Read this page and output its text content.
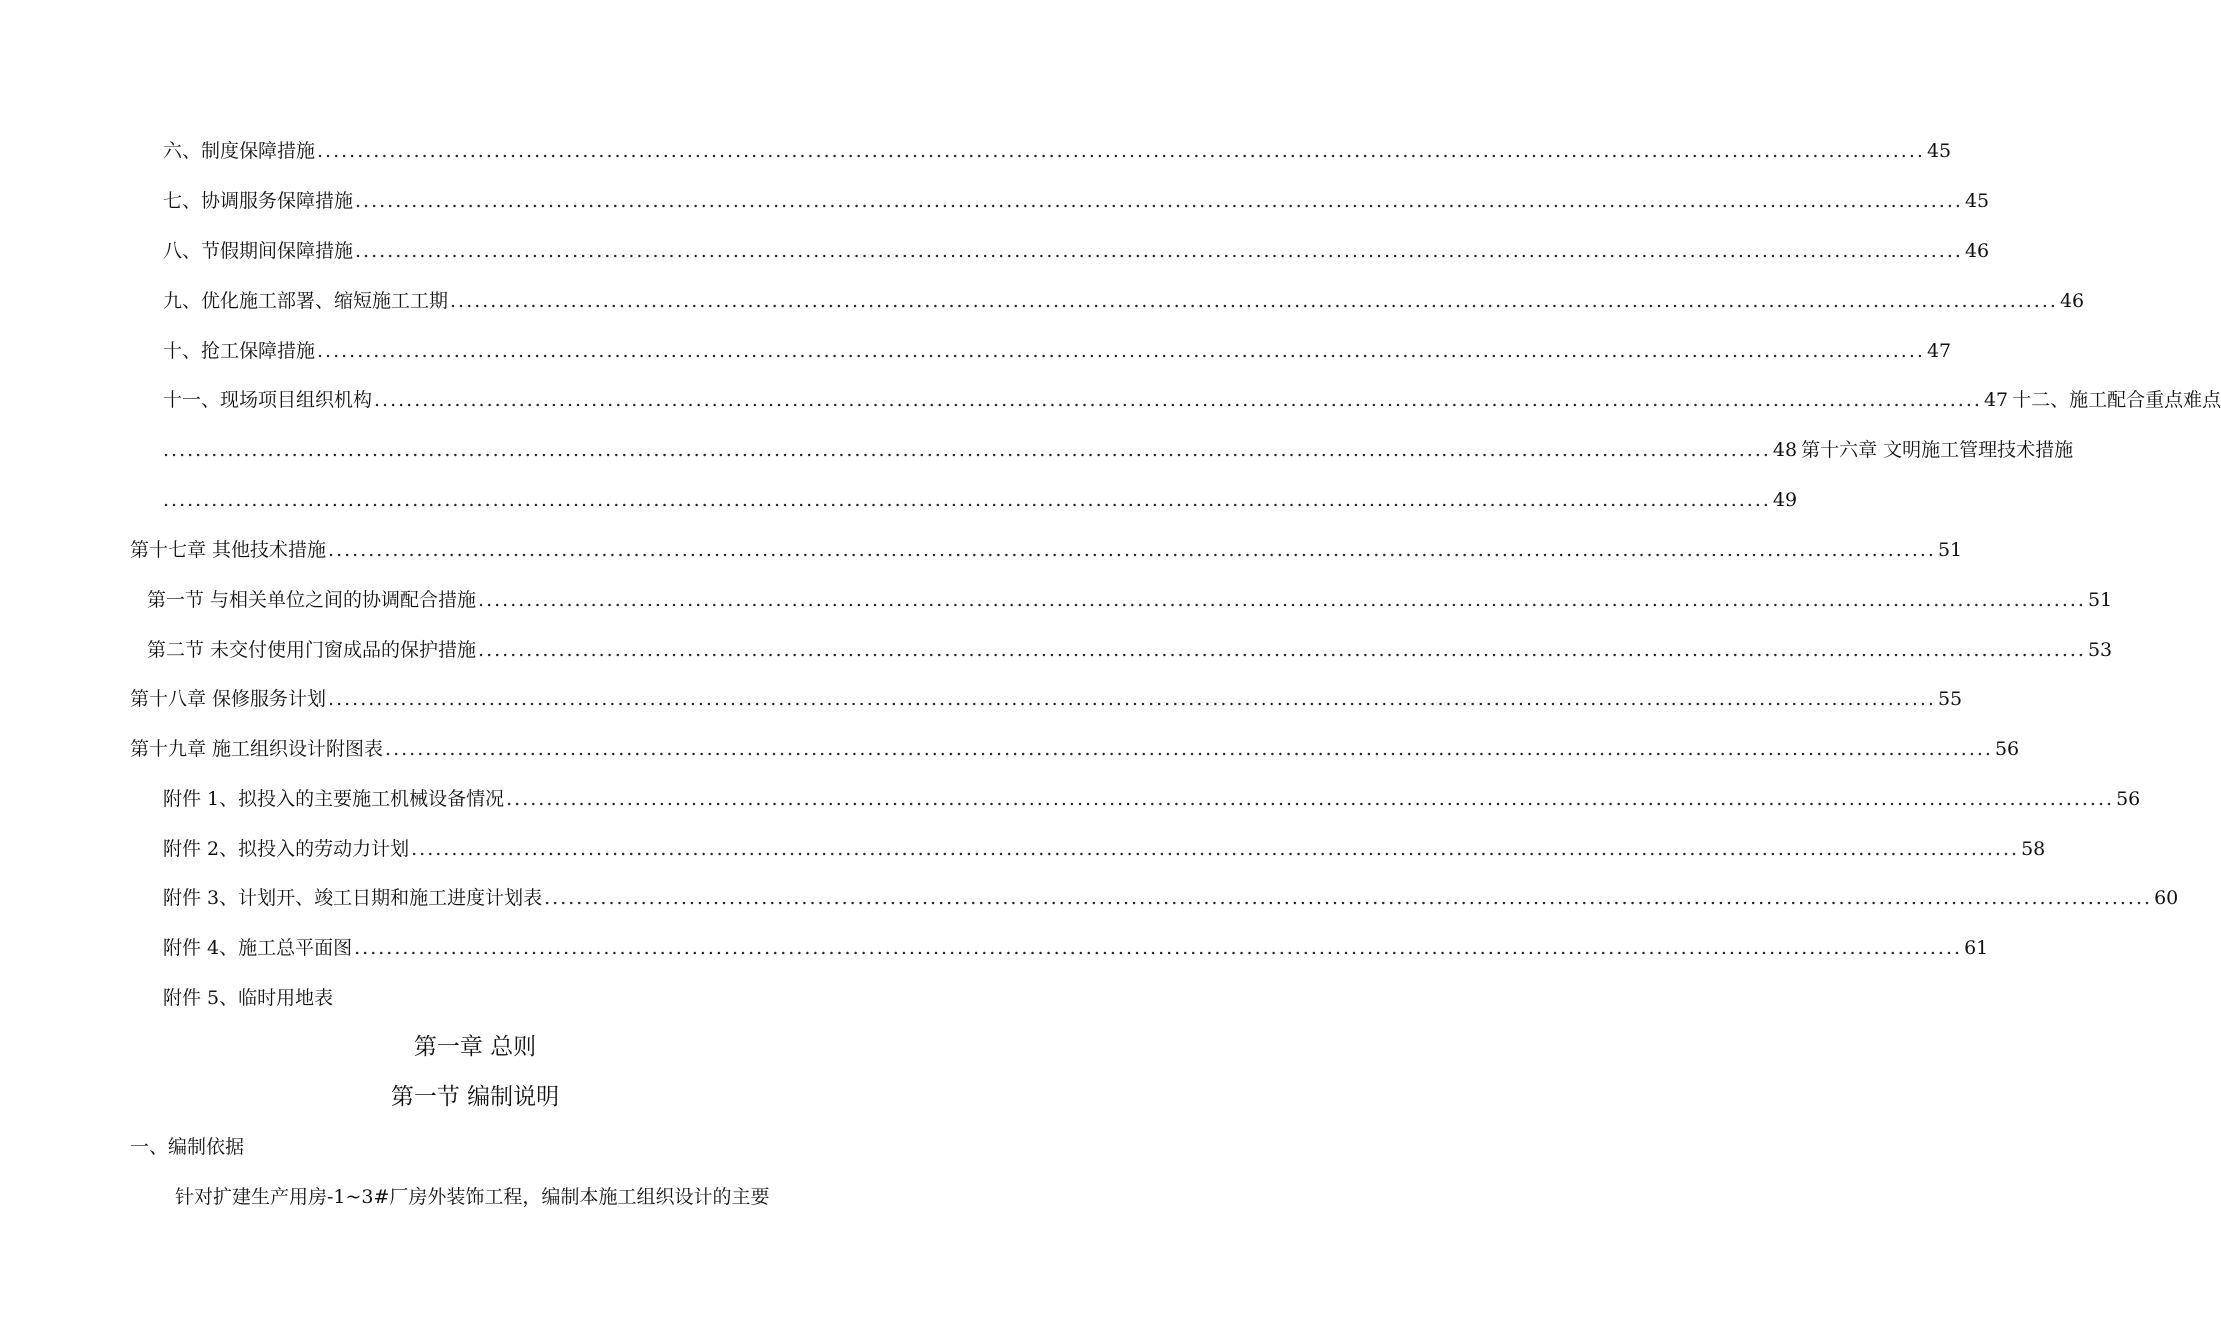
六、制度保障措施 ........................................................................................................................................................................................................ 45
七、协调服务保障措施 ........................................................................................................................................................................................................ 45
八、节假期间保障措施 ........................................................................................................................................................................................................ 46
九、优化施工部署、缩短施工工期 ........................................................................................................................................................................................................ 46
十、抢工保障措施 ........................................................................................................................................................................................................ 47
十一、现场项目组织机构 ........................................................................................................................................................................................................ 47 十二、施工配合重点难点
........................................................................................................................................................................................................ 48 第十六章 文明施工管理技术措施
........................................................................................................................................................................................................ 49
第十七章 其他技术措施 ........................................................................................................................................................................................................ 51
第一节 与相关单位之间的协调配合措施 ........................................................................................................................................................................................................ 51
第二节 未交付使用门窗成品的保护措施 ........................................................................................................................................................................................................ 53
第十八章 保修服务计划 ........................................................................................................................................................................................................ 55
第十九章 施工组织设计附图表 ........................................................................................................................................................................................................ 56
附件 1、拟投入的主要施工机械设备情况 ........................................................................................................................................................................................................ 56
附件 2、拟投入的劳动力计划 ........................................................................................................................................................................................................ 58
附件 3、计划开、竣工日期和施工进度计划表 ........................................................................................................................................................................................................ 60
附件 4、施工总平面图 ........................................................................................................................................................................................................ 61
附件 5、临时用地表
第一章 总则
第一节 编制说明
一、编制依据
针对扩建生产用房-1~3#厂房外装饰工程，编制本施工组织设计的主要
